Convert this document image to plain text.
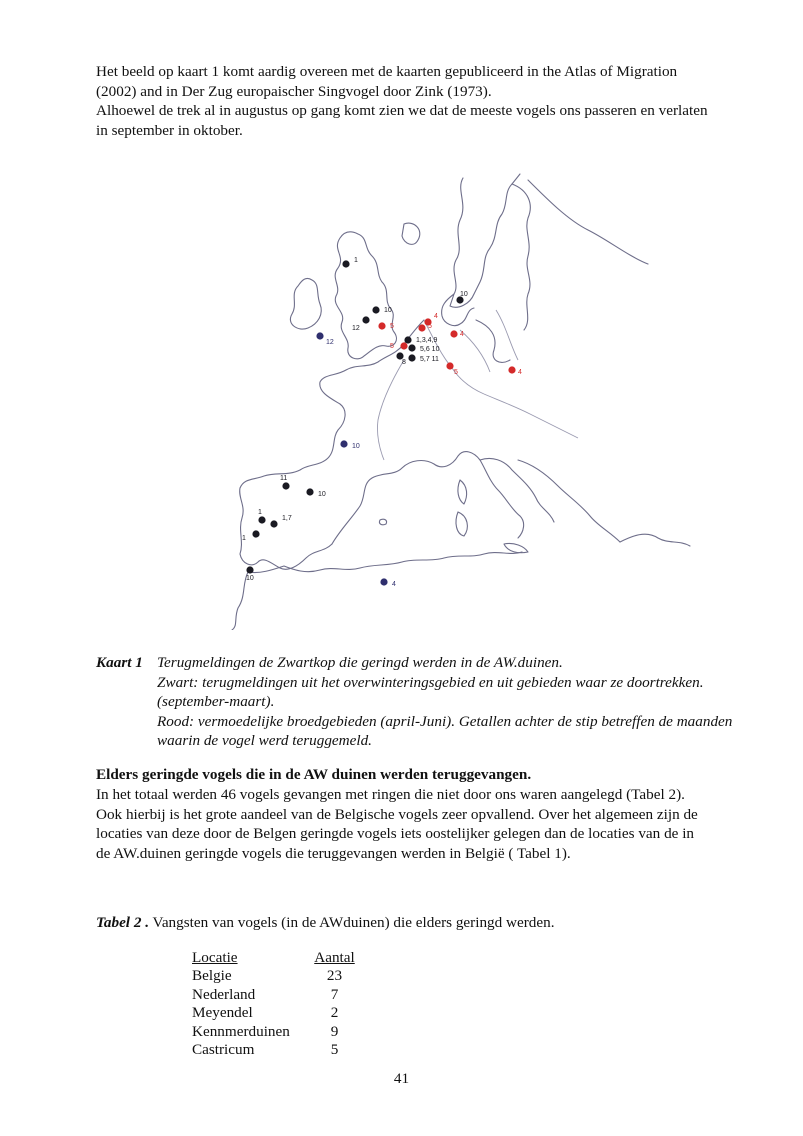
Het beeld op kaart 1 komt aardig overeen met de kaarten gepubliceerd in the Atlas of Migration (2002) and in Der Zug europaischer Singvogel door Zink (1973).
Alhoewel de trek al in augustus op gang komt zien we dat de meeste vogels ons passeren en verlaten in september in oktober.

1
10
12	5
12
4
5
4
1,3,4,9
5,6 10
8 5,7 11
5
5	4
10
10
11
10
1
1,7
1
10
4
Kaart 1 Terugmeldingen de Zwartkop die geringd werden in de AW.duinen.
Zwart: terugmeldingen uit het overwinteringsgebied en uit gebieden waar ze doortrekken. (september-maart).
Rood: vermoedelijke broedgebieden (april-Juni). Getallen achter de stip betreffen de maanden waarin de vogel werd teruggemeld.
Elders geringde vogels die in de AW duinen werden teruggevangen.

In het totaal werden 46 vogels gevangen met ringen die niet door ons waren aangelegd (Tabel 2). Ook hierbij is het grote aandeel van de Belgische vogels zeer opvallend. Over het algemeen zijn de locaties van deze door de Belgen geringde vogels iets oostelijker gelegen dan de locaties van de in de AW.duinen geringde vogels die teruggevangen werden in België ( Tabel 1).

Tabel 2 . Vangsten van vogels (in de AWduinen) die elders geringd werden.
Locatie	Aantal
Belgie	23
Nederland	7
Meyendel	2
Kennmerduinen	9
Castricum	5
41
